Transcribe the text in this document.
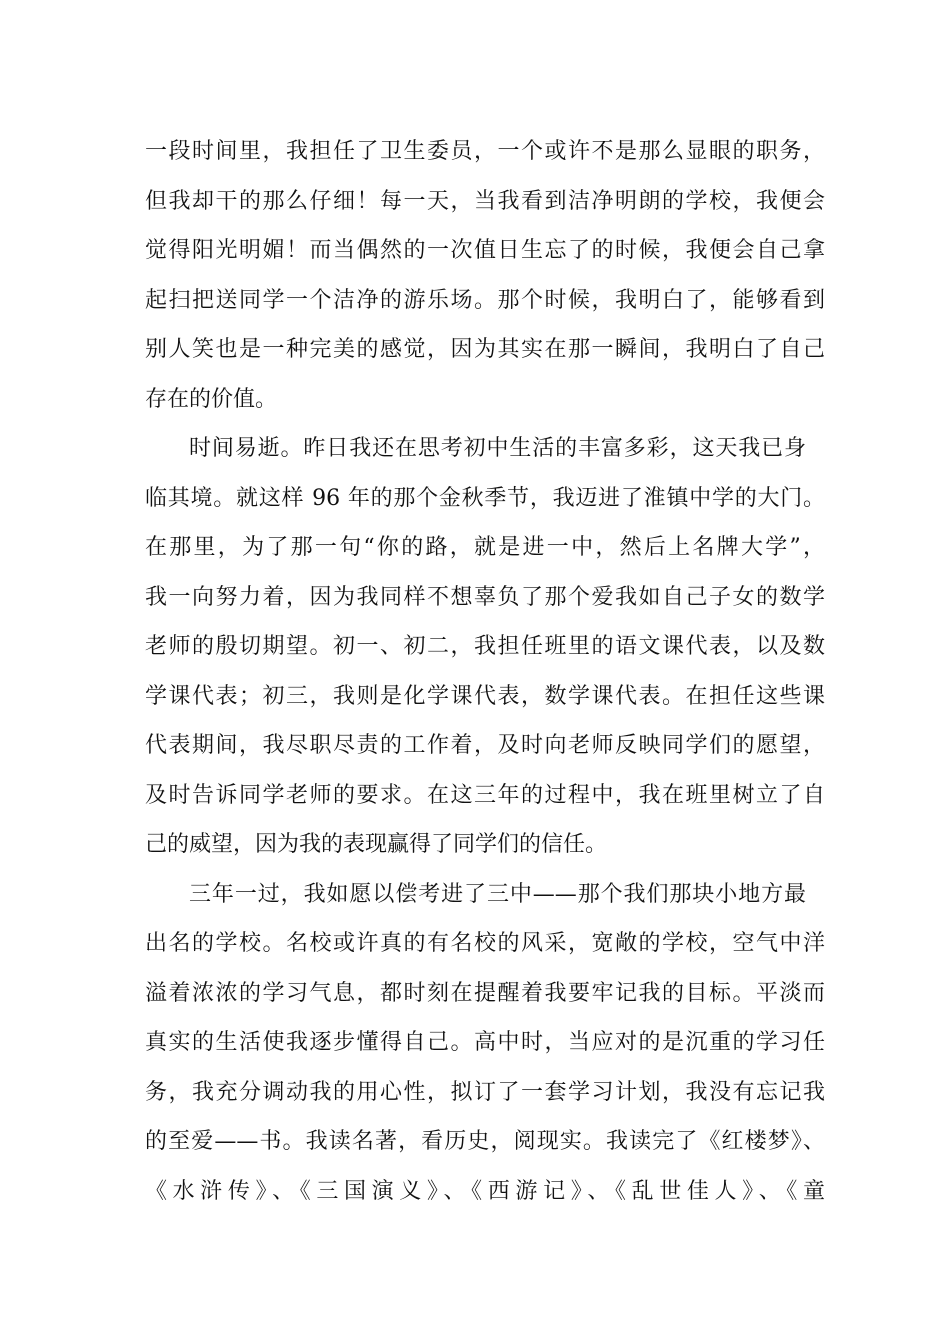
一段时间里，我担任了卫生委员，一个或许不是那么显眼的职务，
但我却干的那么仔细！每一天，当我看到洁净明朗的学校，我便会
觉得阳光明媚！而当偶然的一次值日生忘了的时候，我便会自己拿
起扫把送同学一个洁净的游乐场。那个时候，我明白了，能够看到
别人笑也是一种完美的感觉，因为其实在那一瞬间，我明白了自己
存在的价值。
时间易逝。昨日我还在思考初中生活的丰富多彩，这天我已身
临其境。就这样 96 年的那个金秋季节，我迈进了淮镇中学的大门。
在那里，为了那一句“你的路，就是进一中，然后上名牌大学”，
我一向努力着，因为我同样不想辜负了那个爱我如自己子女的数学
老师的殷切期望。初一、初二，我担任班里的语文课代表，以及数
学课代表；初三，我则是化学课代表，数学课代表。在担任这些课
代表期间，我尽职尽责的工作着，及时向老师反映同学们的愿望，
及时告诉同学老师的要求。在这三年的过程中，我在班里树立了自
己的威望，因为我的表现赢得了同学们的信任。
三年一过，我如愿以偿考进了三中——那个我们那块小地方最
出名的学校。名校或许真的有名校的风采，宽敞的学校，空气中洋
溢着浓浓的学习气息，都时刻在提醒着我要牢记我的目标。平淡而
真实的生活使我逐步懂得自己。高中时，当应对的是沉重的学习任
务，我充分调动我的用心性，拟订了一套学习计划，我没有忘记我
的至爱——书。我读名著，看历史，阅现实。我读完了《红楼梦》、
《水浒传》、《三国演义》、《西游记》、《乱世佳人》、《童
